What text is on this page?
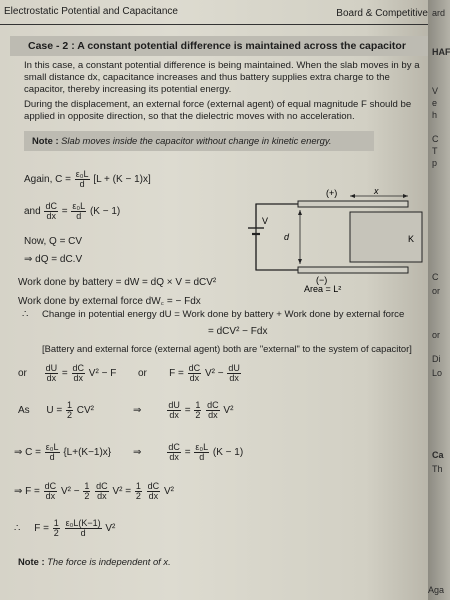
Electrostatic Potential and Capacitance	Board & Competitive
Case - 2 : A constant potential difference is maintained across the capacitor
In this case, a constant potential difference is being maintained. When the slab moves in by a small distance dx, capacitance increases and thus battery supplies extra charge to the capacitor, thereby increasing its potential energy.
During the displacement, an external force (external agent) of equal magnitude F should be applied in opposite direction, so that the dielectric moves with no acceleration.
Note : Slab moves inside the capacitor without change in kinetic energy.
Again, $C = \frac{\text{ε₀L}}{d} [L + (K - 1)x]$
and $\frac{dC}{dx} = \frac{\text{ε₀L}}{d} (K - 1)$
Now, Q = CV
⇒ dQ = dC.V
Work done by battery = dW = dQ × V = dCV²
Work done by external force dW꜀ = − Fdx
∴ Change in potential energy dU = Work done by battery + Work done by external force
= dCV² − Fdx
[Battery and external force (external agent) both are "external" to the system of capacitor]
or $\frac{dU}{dx} = \frac{dC}{dx} V^2 - F$ or $F = \frac{dC}{dx} V^2 - \frac{dU}{dx}$
As $U = \frac{1}{2} CV^2$	⇒	$\frac{dU}{dx} = \frac{1}{2}$
$\frac{dC}{dx} V^2$
⇒ $C = \frac{\text{ε₀L}}{d} \{L+(K-1)x\}$ ⇒	$\frac{dC}{dx} = \frac{\text{ε₀L}}{d} (K - 1)$
⇒ $F = \frac{dC}{dx} V^2 - \frac{1}{2}$
$\frac{dC}{dx} V^2 = \frac{1}{2}$
$\frac{dC}{dx} V^2$
∴ $F = \frac{1}{2}$
$\frac{\text{ε₀L(K−1)}}{d} V^2$
Note : The force is independent of x.
V
K
d
x
(+)
(−)
Area = L²
ard
HAF
V
e
h
C
T
p
C
or
or
Di
Lo
Ca
Th
Aga
